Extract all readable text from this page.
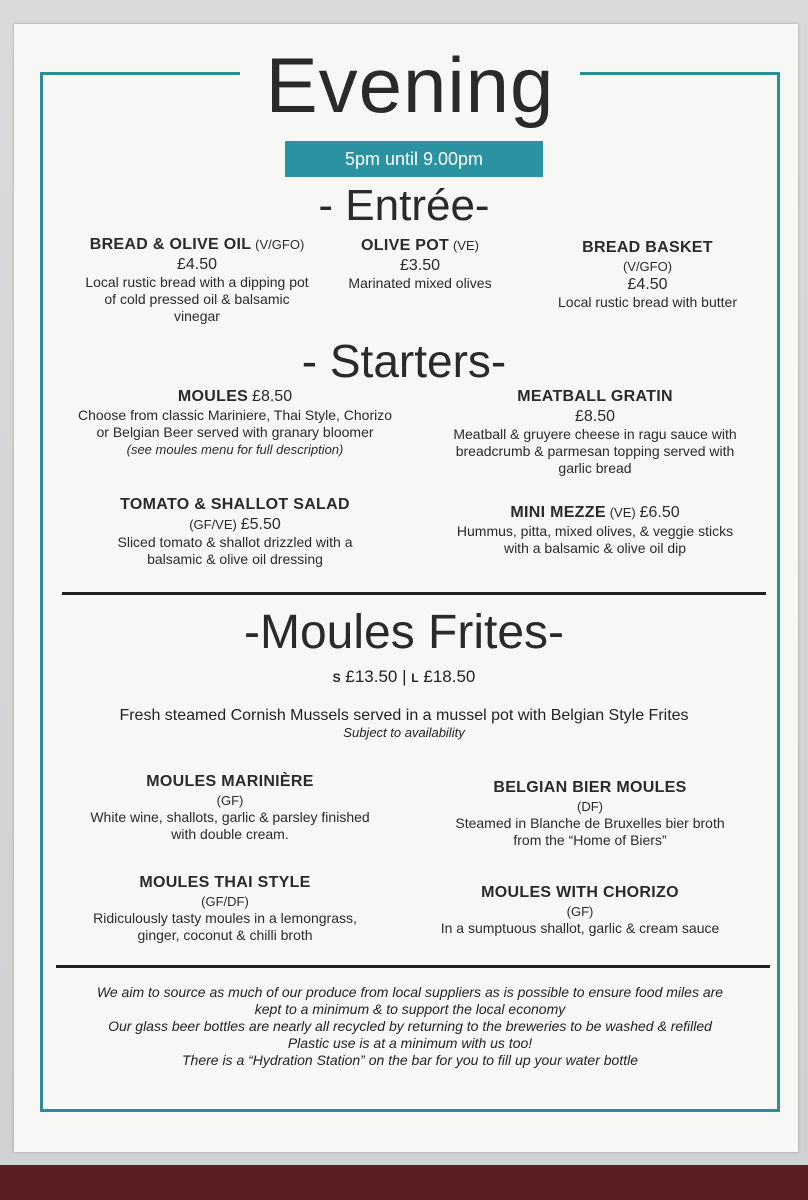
Evening
5pm until 9.00pm
- Entrée-
BREAD & OLIVE OIL (V/GFO)
£4.50
Local rustic bread with a dipping pot
of cold pressed oil & balsamic
vinegar
OLIVE POT (VE)
£3.50
Marinated mixed olives
BREAD BASKET
(V/GFO)
£4.50
Local rustic bread with butter
- Starters-
MOULES £8.50
Choose from classic Mariniere, Thai Style, Chorizo
or Belgian Beer served with granary bloomer
(see moules menu for full description)
MEATBALL GRATIN
£8.50
Meatball & gruyere cheese in ragu sauce with
breadcrumb & parmesan topping served with
garlic bread
TOMATO & SHALLOT SALAD
(GF/VE) £5.50
Sliced tomato & shallot drizzled with a
balsamic & olive oil dressing
MINI MEZZE (VE) £6.50
Hummus, pitta, mixed olives, & veggie sticks
with a balsamic & olive oil dip
-Moules Frites-
S £13.50 | L £18.50
Fresh steamed Cornish Mussels served in a mussel pot with Belgian Style Frites
Subject to availability
MOULES MARINIÈRE
(GF)
White wine, shallots, garlic & parsley finished
with double cream.
BELGIAN BIER MOULES
(DF)
Steamed in Blanche de Bruxelles bier broth
from the “Home of Biers”
MOULES THAI STYLE
(GF/DF)
Ridiculously tasty moules in a lemongrass,
ginger, coconut & chilli broth
MOULES WITH CHORIZO
(GF)
In a sumptuous shallot, garlic & cream sauce
We aim to source as much of our produce from local suppliers as is possible to ensure food miles are
kept to a minimum & to support the local economy
Our glass beer bottles are nearly all recycled by returning to the breweries to be washed & refilled
Plastic use is at a minimum with us too!
There is a “Hydration Station” on the bar for you to fill up your water bottle
